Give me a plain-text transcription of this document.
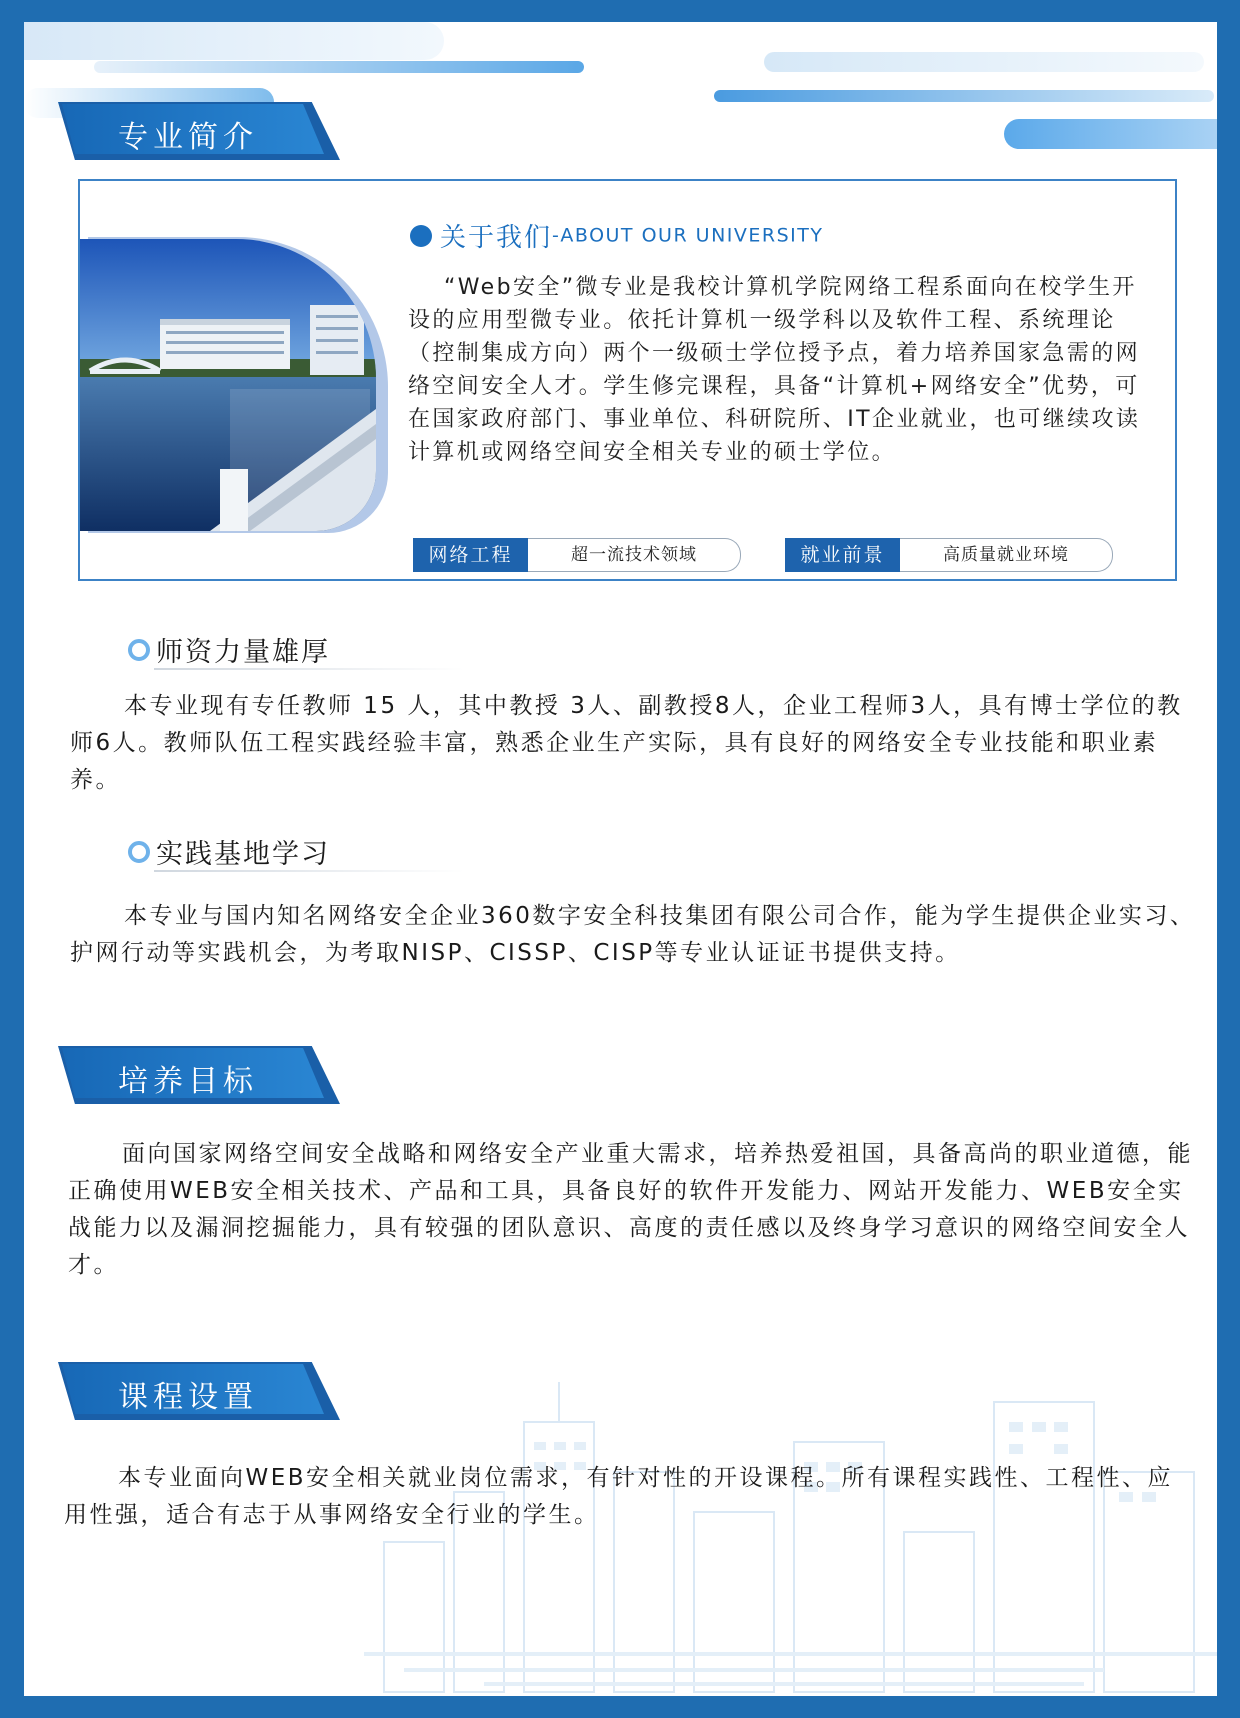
专业简介
关于我们-ABOUT OUR UNIVERSITY

“Web安全”微专业是我校计算机学院网络工程系面向在校学生开设的应用型微专业。依托计算机一级学科以及软件工程、系统理论（控制集成方向）两个一级硕士学位授予点，着力培养国家急需的网络空间安全人才。学生修完课程，具备“计算机+网络安全”优势，可在国家政府部门、事业单位、科研院所、IT企业就业，也可继续攻读计算机或网络空间安全相关专业的硕士学位。

网络工程	超一流技术领域	就业前景	高质量就业环境
师资力量雄厚

本专业现有专任教师 15 人，其中教授 3人、副教授8人，企业工程师3人，具有博士学位的教师6人。教师队伍工程实践经验丰富，熟悉企业生产实际，具有良好的网络安全专业技能和职业素养。

实践基地学习

本专业与国内知名网络安全企业360数字安全科技集团有限公司合作，能为学生提供企业实习、护网行动等实践机会，为考取NISP、CISSP、CISP等专业认证证书提供支持。

培养目标

面向国家网络空间安全战略和网络安全产业重大需求，培养热爱祖国，具备高尚的职业道德，能正确使用WEB安全相关技术、产品和工具，具备良好的软件开发能力、网站开发能力、WEB安全实战能力以及漏洞挖掘能力，具有较强的团队意识、高度的责任感以及终身学习意识的网络空间安全人才。

课程设置

本专业面向WEB安全相关就业岗位需求，有针对性的开设课程。所有课程实践性、工程性、应用性强，适合有志于从事网络安全行业的学生。
